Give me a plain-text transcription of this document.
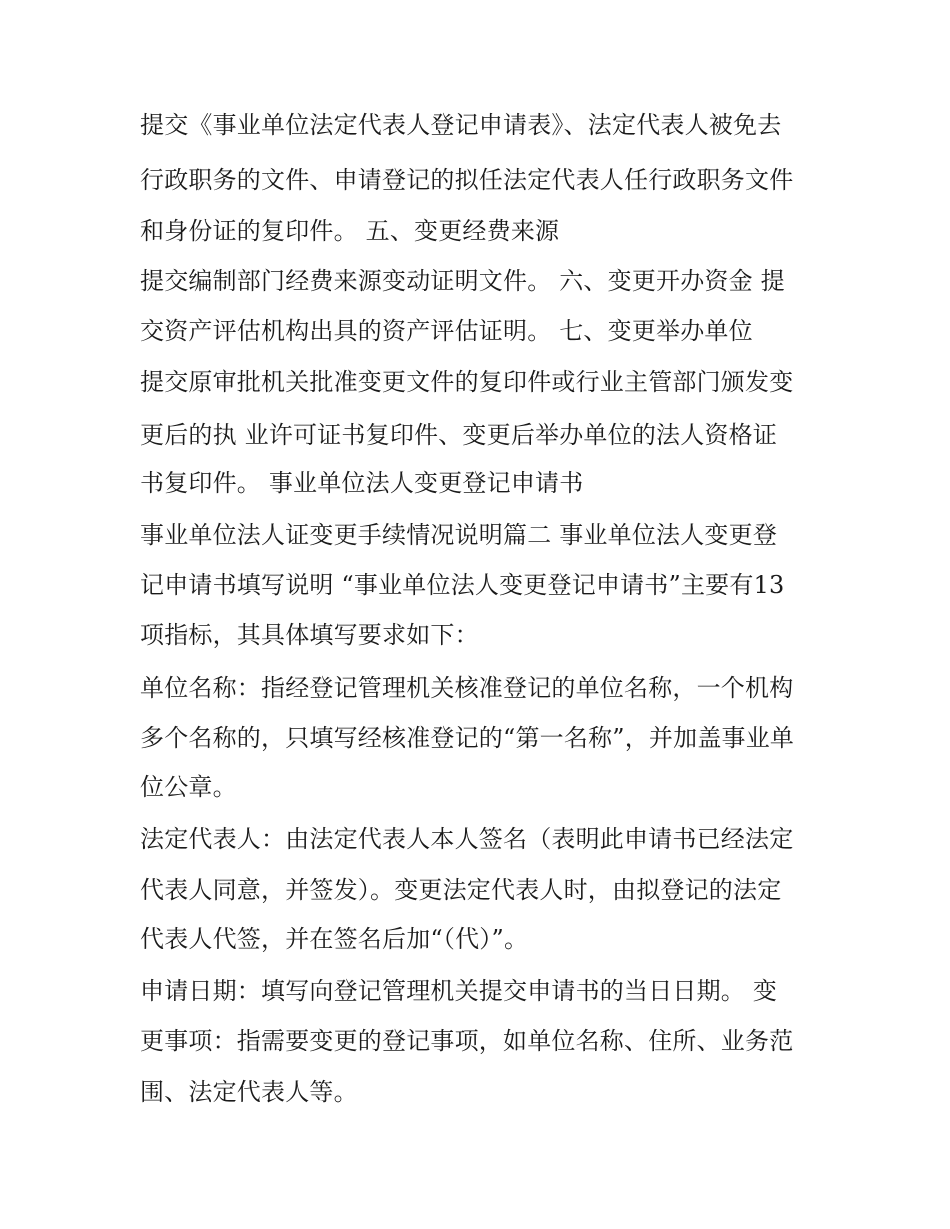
提交《事业单位法定代表人登记申请表》、法定代表人被免去
行政职务的文件、申请登记的拟任法定代表人任行政职务文件
和身份证的复印件。 五、变更经费来源
提交编制部门经费来源变动证明文件。 六、变更开办资金 提
交资产评估机构出具的资产评估证明。 七、变更举办单位
提交原审批机关批准变更文件的复印件或行业主管部门颁发变
更后的执 业许可证书复印件、变更后举办单位的法人资格证
书复印件。 事业单位法人变更登记申请书
事业单位法人证变更手续情况说明篇二 事业单位法人变更登
记申请书填写说明 “事业单位法人变更登记申请书”主要有13
项指标，其具体填写要求如下：
单位名称：指经登记管理机关核准登记的单位名称，一个机构
多个名称的，只填写经核准登记的“第一名称”，并加盖事业单
位公章。
法定代表人：由法定代表人本人签名（表明此申请书已经法定
代表人同意，并签发）。变更法定代表人时，由拟登记的法定
代表人代签，并在签名后加“（代）”。
申请日期：填写向登记管理机关提交申请书的当日日期。 变
更事项：指需要变更的登记事项，如单位名称、住所、业务范
围、法定代表人等。
